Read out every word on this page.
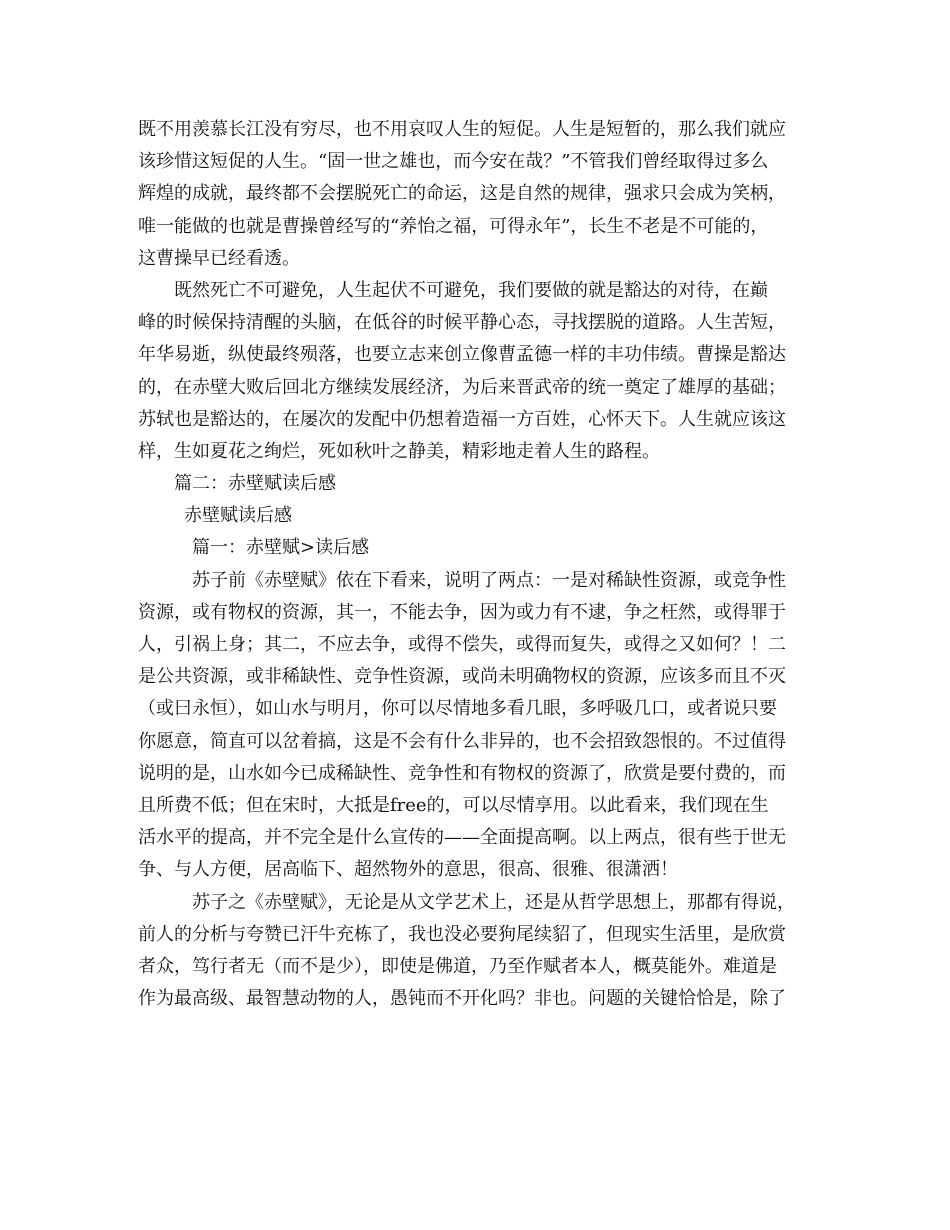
既不用羡慕长江没有穷尽，也不用哀叹人生的短促。人生是短暂的，那么我们就应
该珍惜这短促的人生。“固一世之雄也，而今安在哉？”不管我们曾经取得过多么
辉煌的成就，最终都不会摆脱死亡的命运，这是自然的规律，强求只会成为笑柄，
唯一能做的也就是曹操曾经写的“养怡之福，可得永年”，长生不老是不可能的，
这曹操早已经看透。
既然死亡不可避免，人生起伏不可避免，我们要做的就是豁达的对待，在巅
峰的时候保持清醒的头脑，在低谷的时候平静心态，寻找摆脱的道路。人生苦短，
年华易逝，纵使最终殒落，也要立志来创立像曹孟德一样的丰功伟绩。曹操是豁达
的，在赤壁大败后回北方继续发展经济，为后来晋武帝的统一奠定了雄厚的基础；
苏轼也是豁达的，在屡次的发配中仍想着造福一方百姓，心怀天下。人生就应该这
样，生如夏花之绚烂，死如秋叶之静美，精彩地走着人生的路程。
篇二：赤壁赋读后感
赤壁赋读后感
篇一：赤壁赋>读后感
苏子前《赤壁赋》依在下看来，说明了两点：一是对稀缺性资源，或竞争性
资源，或有物权的资源，其一，不能去争，因为或力有不逮，争之枉然，或得罪于
人，引祸上身；其二，不应去争，或得不偿失，或得而复失，或得之又如何？！二
是公共资源，或非稀缺性、竞争性资源，或尚未明确物权的资源，应该多而且不灭
（或曰永恒），如山水与明月，你可以尽情地多看几眼，多呼吸几口，或者说只要
你愿意，简直可以岔着搞，这是不会有什么非异的，也不会招致怨恨的。不过值得
说明的是，山水如今已成稀缺性、竞争性和有物权的资源了，欣赏是要付费的，而
且所费不低；但在宋时，大抵是free的，可以尽情享用。以此看来，我们现在生
活水平的提高，并不完全是什么宣传的——全面提高啊。以上两点，很有些于世无
争、与人方便，居高临下、超然物外的意思，很高、很雅、很潇洒！
苏子之《赤壁赋》，无论是从文学艺术上，还是从哲学思想上，那都有得说，
前人的分析与夸赞已汗牛充栋了，我也没必要狗尾续貂了，但现实生活里，是欣赏
者众，笃行者无（而不是少），即使是佛道，乃至作赋者本人，概莫能外。难道是
作为最高级、最智慧动物的人，愚钝而不开化吗？非也。问题的关键恰恰是，除了
